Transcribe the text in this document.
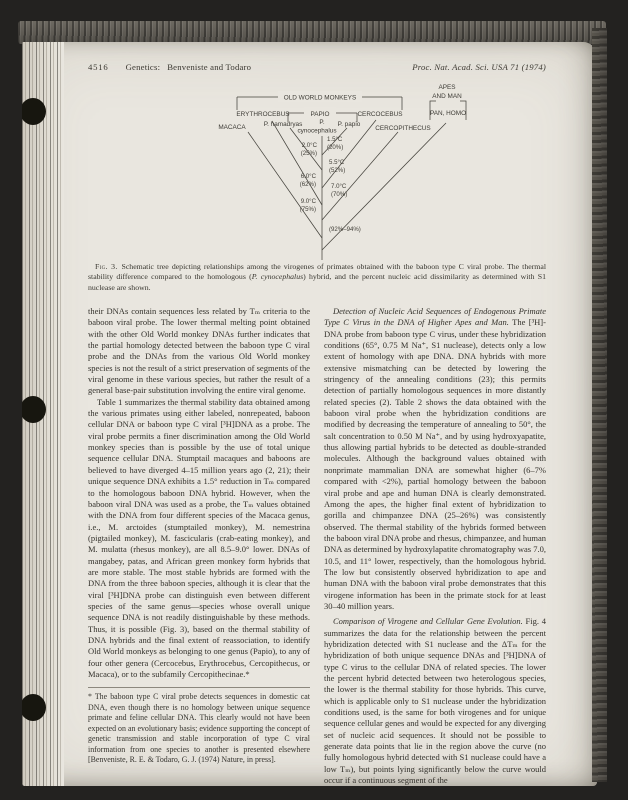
4516 Genetics: Benveniste and Todaro	Proc. Nat. Acad. Sci. USA 71 (1974)
OLD WORLD MONKEYS
APES
AND MAN
PAN, HOMO
ERYTHROCEBUS	CERCOCEBUS
PAPIO
MACACA	P. hamadryas	P. papio
CERCOPITHECUS
P.
cynocephalus
1.5°C
(20%)
2.0°C
(25%)
5.5°C
(52%)
6.0°C
(62%) 7.0°C
(70%)
9.0°C
(75%)
(92%–94%)
Fig. 3. Schematic tree depicting relationships among the virogenes of primates obtained with the baboon type C viral probe. The thermal stability difference compared to the homologous (P. cynocephalus) hybrid, and the percent nucleic acid dissimilarity as determined with S1 nuclease are shown.

their DNAs contain sequences less related by Tₘ criteria to the baboon viral probe. The lower thermal melting point obtained with the other Old World monkey DNAs further indicates that the partial homology detected between the baboon type C viral probe and the DNAs from the various Old World monkey species is not the result of a strict preservation of segments of the viral genome in these various species, but rather the result of a general base-pair substitution involving the entire viral genome.

Table 1 summarizes the thermal stability data obtained among the various primates using either labeled, nonrepeated, baboon cellular DNA or baboon type C viral [³H]DNA as a probe. The viral probe permits a finer discrimination among the Old World monkey species than is possible by the use of total unique sequence cellular DNA. Stumptail macaques and baboons are believed to have diverged 4–15 million years ago (2, 21); their unique sequence DNA exhibits a 1.5° reduction in Tₘ compared to the homologous baboon DNA hybrid. However, when the baboon viral DNA was used as a probe, the Tₘ values obtained with the DNA from four different species of the Macaca genus, i.e., M. arctoides (stumptailed monkey), M. nemestrina (pigtailed monkey), M. fascicularis (crab-eating monkey), and M. mulatta (rhesus monkey), are all 8.5–9.0° lower. DNAs of mangabey, patas, and African green monkey form hybrids that are more stable. The most stable hybrids are formed with the DNA from the three baboon species, although it is clear that the viral [³H]DNA probe can distinguish even between different species of the same genus—species whose overall unique sequence DNA is not readily distinguishable by these methods. Thus, it is possible (Fig. 3), based on the thermal stability of DNA hybrids and the final extent of reassociation, to identify Old World monkeys as belonging to one genus (Papio), to any of four other genera (Cercocebus, Erythrocebus, Cercopithecus, or Macaca), or to the subfamily Cercopithecinae.*

* The baboon type C viral probe detects sequences in domestic cat DNA, even though there is no homology between unique sequence primate and feline cellular DNA. This clearly would not have been expected on an evolutionary basis; evidence supporting the concept of genetic transmission and stable incorporation of type C viral information from one species to another is presented elsewhere [Benveniste, R. E. & Todaro, G. J. (1974) Nature, in press].

Detection of Nucleic Acid Sequences of Endogenous Primate Type C Virus in the DNA of Higher Apes and Man. The [³H]-DNA probe from baboon type C virus, under these hybridization conditions (65°, 0.75 M Na⁺, S1 nuclease), detects only a low extent of homology with ape DNA. DNA hybrids with more extensive mismatching can be detected by lowering the stringency of the annealing conditions (23); this permits detection of partially homologous sequences in more distantly related species (2). Table 2 shows the data obtained with the baboon viral probe when the hybridization conditions are modified by decreasing the temperature of annealing to 50°, the salt concentration to 0.50 M Na⁺, and by using hydroxyapatite, thus allowing partial hybrids to be detected as double-stranded molecules. Although the background values obtained with nonprimate mammalian DNA are somewhat higher (6–7% compared with <2%), partial homology between the baboon viral probe and ape and human DNA is clearly demonstrated. Among the apes, the higher final extent of hybridization to gorilla and chimpanzee DNA (25–26%) was consistently observed. The thermal stability of the hybrids formed between the baboon viral DNA probe and rhesus, chimpanzee, and human DNA as determined by hydroxylapatite chromatography was 7.0, 10.5, and 11° lower, respectively, than the homologous hybrid. The low but consistently observed hybridization to ape and human DNA with the baboon viral probe demonstrates that this virogene information has been in the primate stock for at least 30–40 million years.

Comparison of Virogene and Cellular Gene Evolution. Fig. 4 summarizes the data for the relationship between the percent hybridization detected with S1 nuclease and the ΔTₘ for the hybridization of both unique sequence DNAs and [³H]DNA of type C virus to the cellular DNA of related species. The lower the percent hybrid detected between two heterologous species, the lower is the thermal stability for those hybrids. This curve, which is applicable only to S1 nuclease under the hybridization conditions used, is the same for both virogenes and for unique sequence cellular genes and would be expected for any diverging set of nucleic acid sequences. It should not be possible to generate data points that lie in the region above the curve (no fully homologous hybrid detected with S1 nuclease could have a low Tₘ), but points lying significantly below the curve would occur if a continuous segment of the
